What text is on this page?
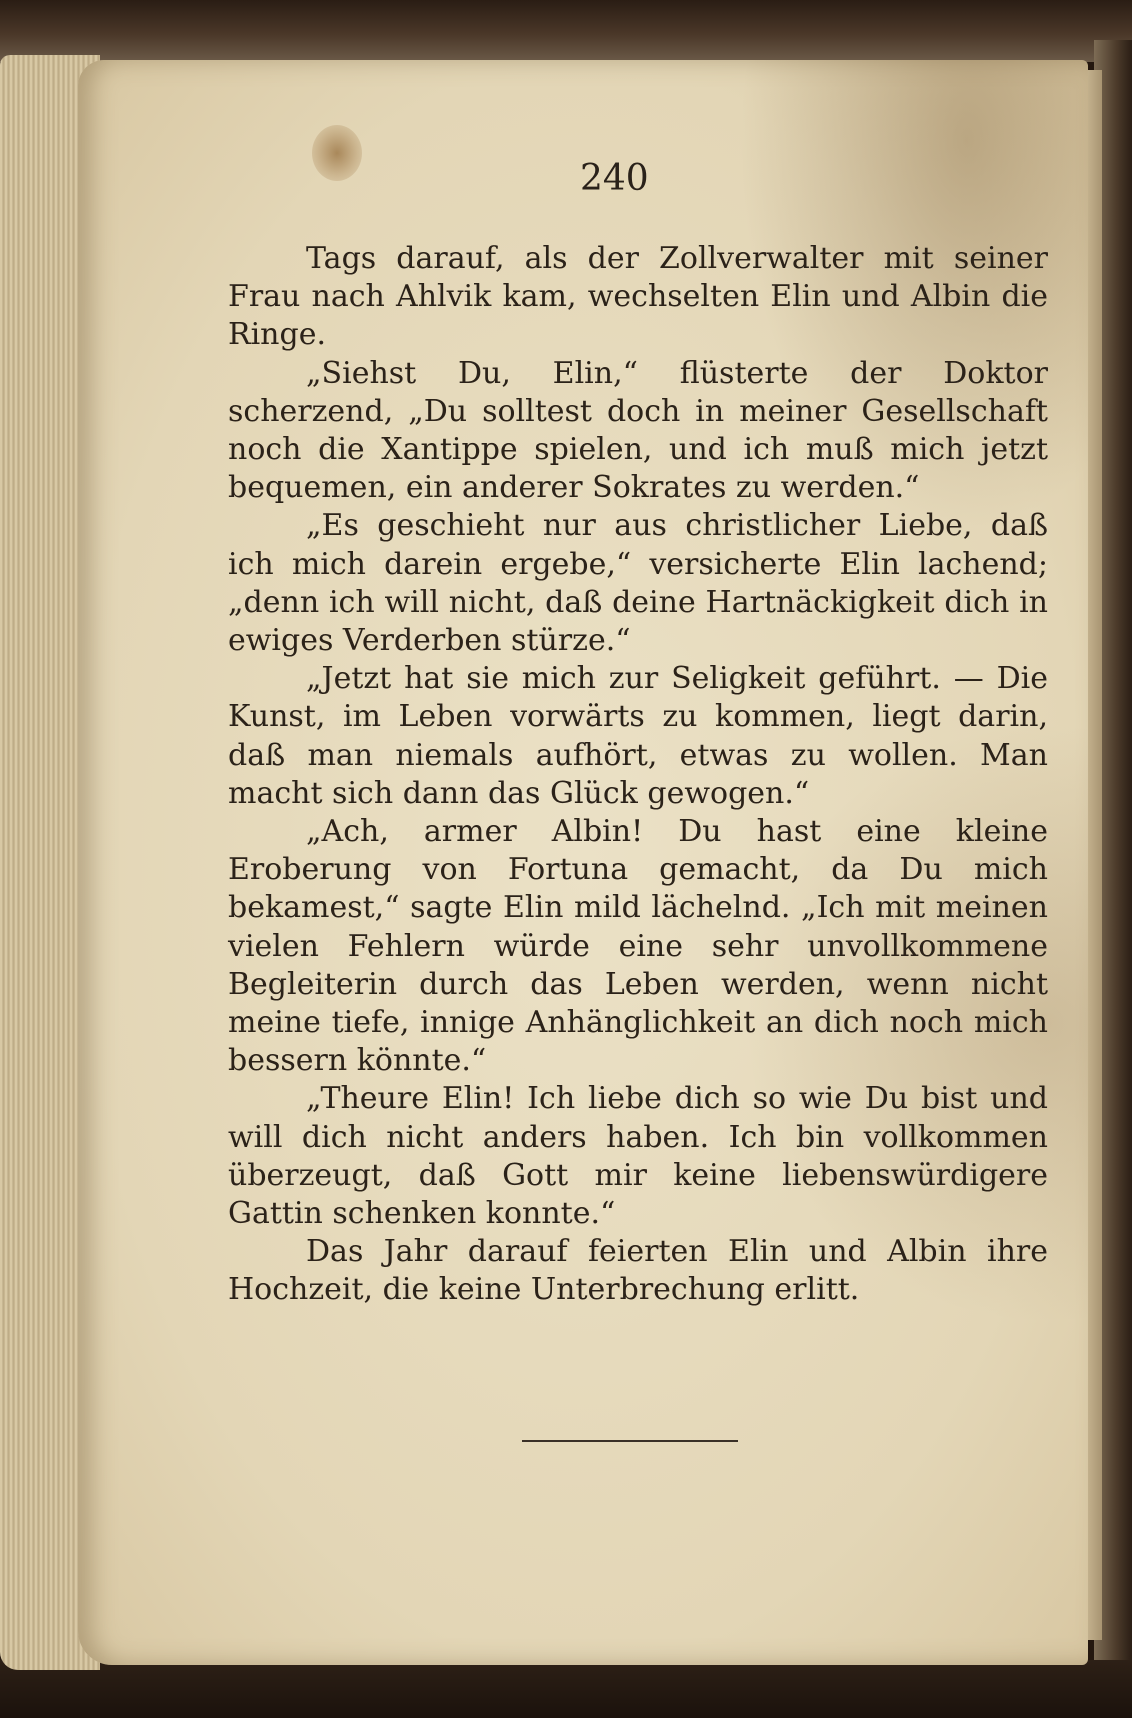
240

Tags darauf, als der Zollverwalter mit seiner Frau nach Ahlvik kam, wechselten Elin und Albin die Ringe.

„Siehst Du, Elin,“ flüsterte der Doktor scherzend, „Du solltest doch in meiner Gesellschaft noch die Xantippe spielen, und ich muß mich jetzt bequemen, ein anderer Sokrates zu werden.“

„Es geschieht nur aus christlicher Liebe, daß ich mich darein ergebe,“ versicherte Elin lachend; „denn ich will nicht, daß deine Hartnäckigkeit dich in ewiges Verderben stürze.“

„Jetzt hat sie mich zur Seligkeit geführt. — Die Kunst, im Leben vorwärts zu kommen, liegt darin, daß man niemals aufhört, etwas zu wollen. Man macht sich dann das Glück gewogen.“

„Ach, armer Albin! Du hast eine kleine Eroberung von Fortuna gemacht, da Du mich bekamest,“ sagte Elin mild lächelnd. „Ich mit meinen vielen Fehlern würde eine sehr unvollkommene Begleiterin durch das Leben werden, wenn nicht meine tiefe, innige Anhänglichkeit an dich noch mich bessern könnte.“

„Theure Elin! Ich liebe dich so wie Du bist und will dich nicht anders haben. Ich bin vollkommen überzeugt, daß Gott mir keine liebenswürdigere Gattin schenken konnte.“

Das Jahr darauf feierten Elin und Albin ihre Hochzeit, die keine Unterbrechung erlitt.
